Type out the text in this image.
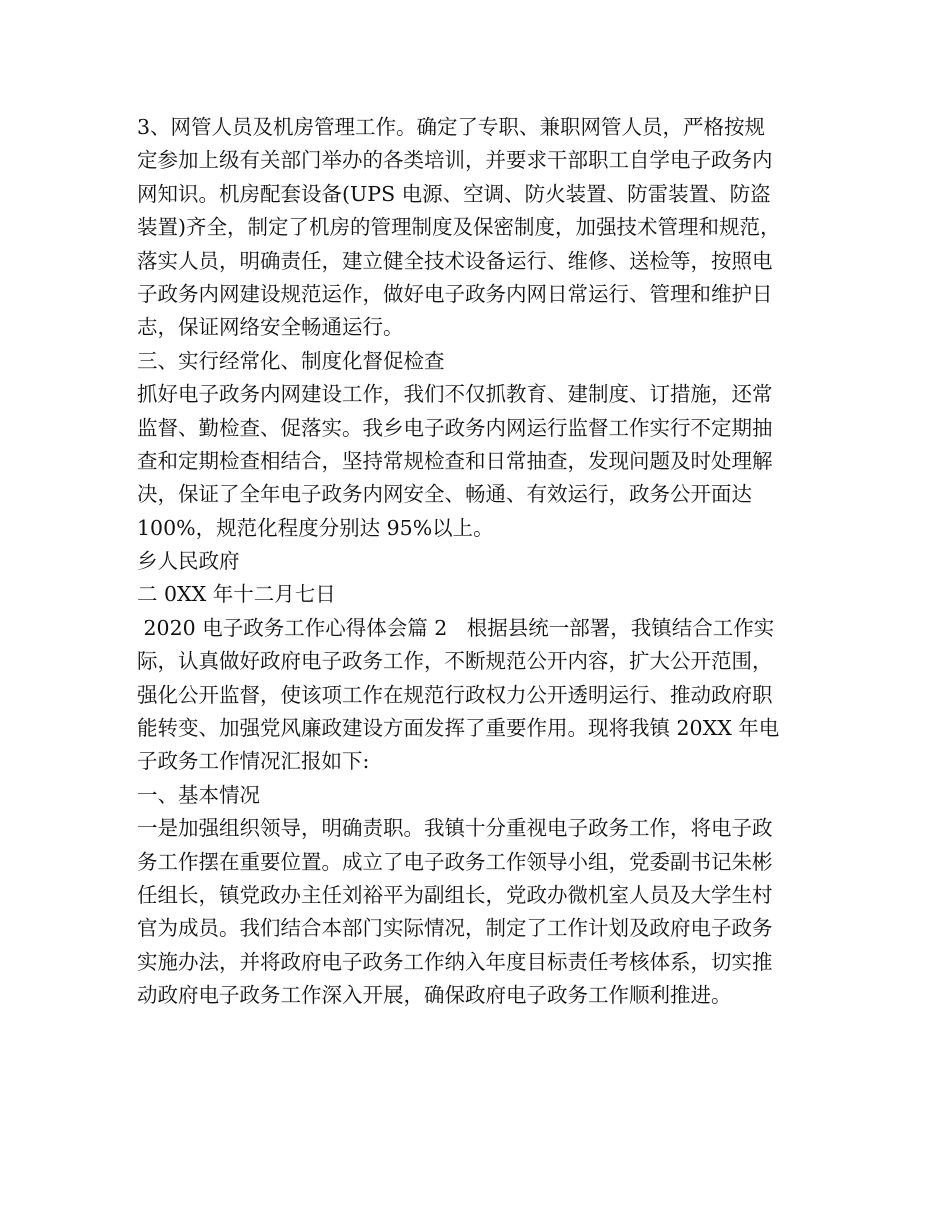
3、网管人员及机房管理工作。确定了专职、兼职网管人员，严格按规
定参加上级有关部门举办的各类培训，并要求干部职工自学电子政务内
网知识。机房配套设备(UPS 电源、空调、防火装置、防雷装置、防盗
装置)齐全，制定了机房的管理制度及保密制度，加强技术管理和规范，
落实人员，明确责任，建立健全技术设备运行、维修、送检等，按照电
子政务内网建设规范运作，做好电子政务内网日常运行、管理和维护日
志，保证网络安全畅通运行。
三、实行经常化、制度化督促检查
抓好电子政务内网建设工作，我们不仅抓教育、建制度、订措施，还常
监督、勤检查、促落实。我乡电子政务内网运行监督工作实行不定期抽
查和定期检查相结合，坚持常规检查和日常抽查，发现问题及时处理解
决，保证了全年电子政务内网安全、畅通、有效运行，政务公开面达
100%，规范化程度分别达 95%以上。
乡人民政府
二 0XX 年十二月七日
2020 电子政务工作心得体会篇 2   根据县统一部署，我镇结合工作实
际，认真做好政府电子政务工作，不断规范公开内容，扩大公开范围，
强化公开监督，使该项工作在规范行政权力公开透明运行、推动政府职
能转变、加强党风廉政建设方面发挥了重要作用。现将我镇 20XX 年电
子政务工作情况汇报如下:
一、基本情况
一是加强组织领导，明确责职。我镇十分重视电子政务工作，将电子政
务工作摆在重要位置。成立了电子政务工作领导小组，党委副书记朱彬
任组长，镇党政办主任刘裕平为副组长，党政办微机室人员及大学生村
官为成员。我们结合本部门实际情况，制定了工作计划及政府电子政务
实施办法，并将政府电子政务工作纳入年度目标责任考核体系，切实推
动政府电子政务工作深入开展，确保政府电子政务工作顺利推进。
